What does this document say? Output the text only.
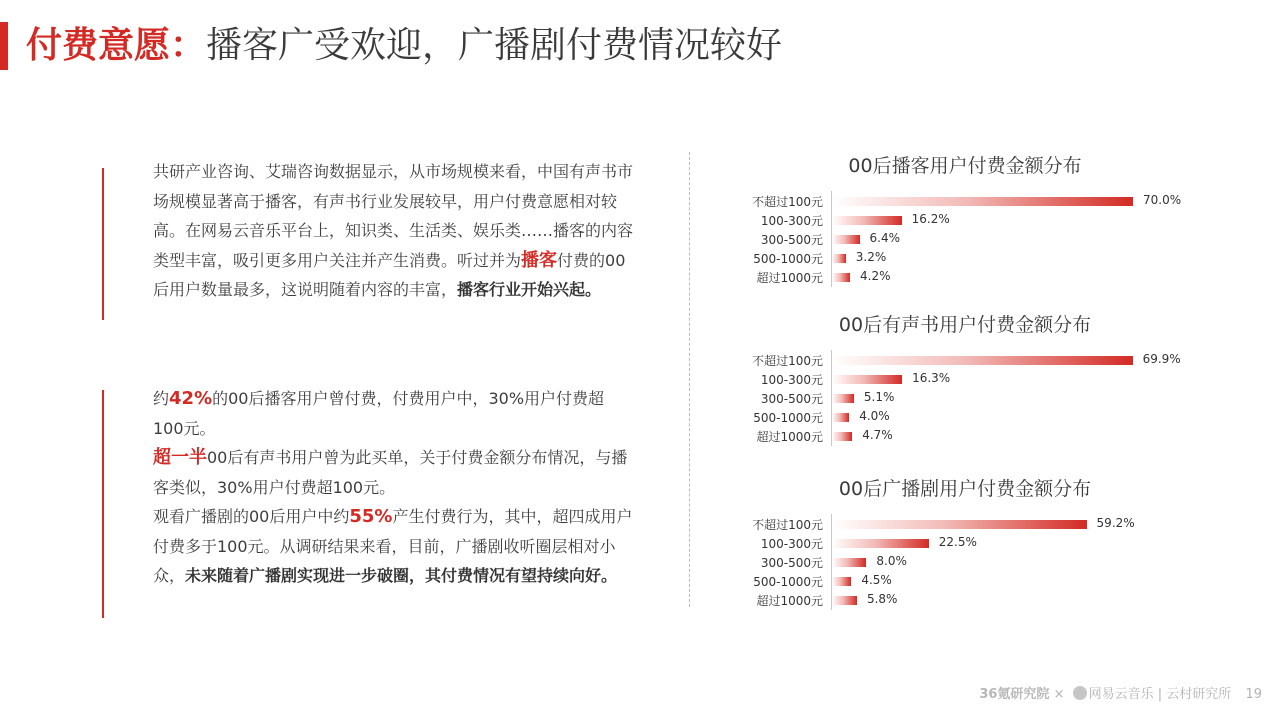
付费意愿：播客广受欢迎，广播剧付费情况较好
共研产业咨询、艾瑞咨询数据显示，从市场规模来看，中国有声书市场规模显著高于播客，有声书行业发展较早，用户付费意愿相对较高。在网易云音乐平台上，知识类、生活类、娱乐类……播客的内容类型丰富，吸引更多用户关注并产生消费。听过并为播客付费的00后用户数量最多，这说明随着内容的丰富，播客行业开始兴起。
约42%的00后播客用户曾付费，付费用户中，30%用户付费超100元。
超一半00后有声书用户曾为此买单，关于付费金额分布情况，与播客类似，30%用户付费超100元。
观看广播剧的00后用户中约55%产生付费行为，其中，超四成用户付费多于100元。从调研结果来看，目前，广播剧收听圈层相对小众，未来随着广播剧实现进一步破圈，其付费情况有望持续向好。
00后播客用户付费金额分布
不超过100元	70.0%
100-300元	16.2%
300-500元	6.4%
500-1000元	3.2%
超过1000元	4.2%
00后有声书用户付费金额分布
不超过100元	69.9%
100-300元	16.3%
300-500元	5.1%
500-1000元	4.0%
超过1000元	4.7%
00后广播剧用户付费金额分布
不超过100元	59.2%
100-300元	22.5%
300-500元	8.0%
500-1000元	4.5%
超过1000元	5.8%
36氪研究院 × 网易云音乐 | 云村研究所 19
